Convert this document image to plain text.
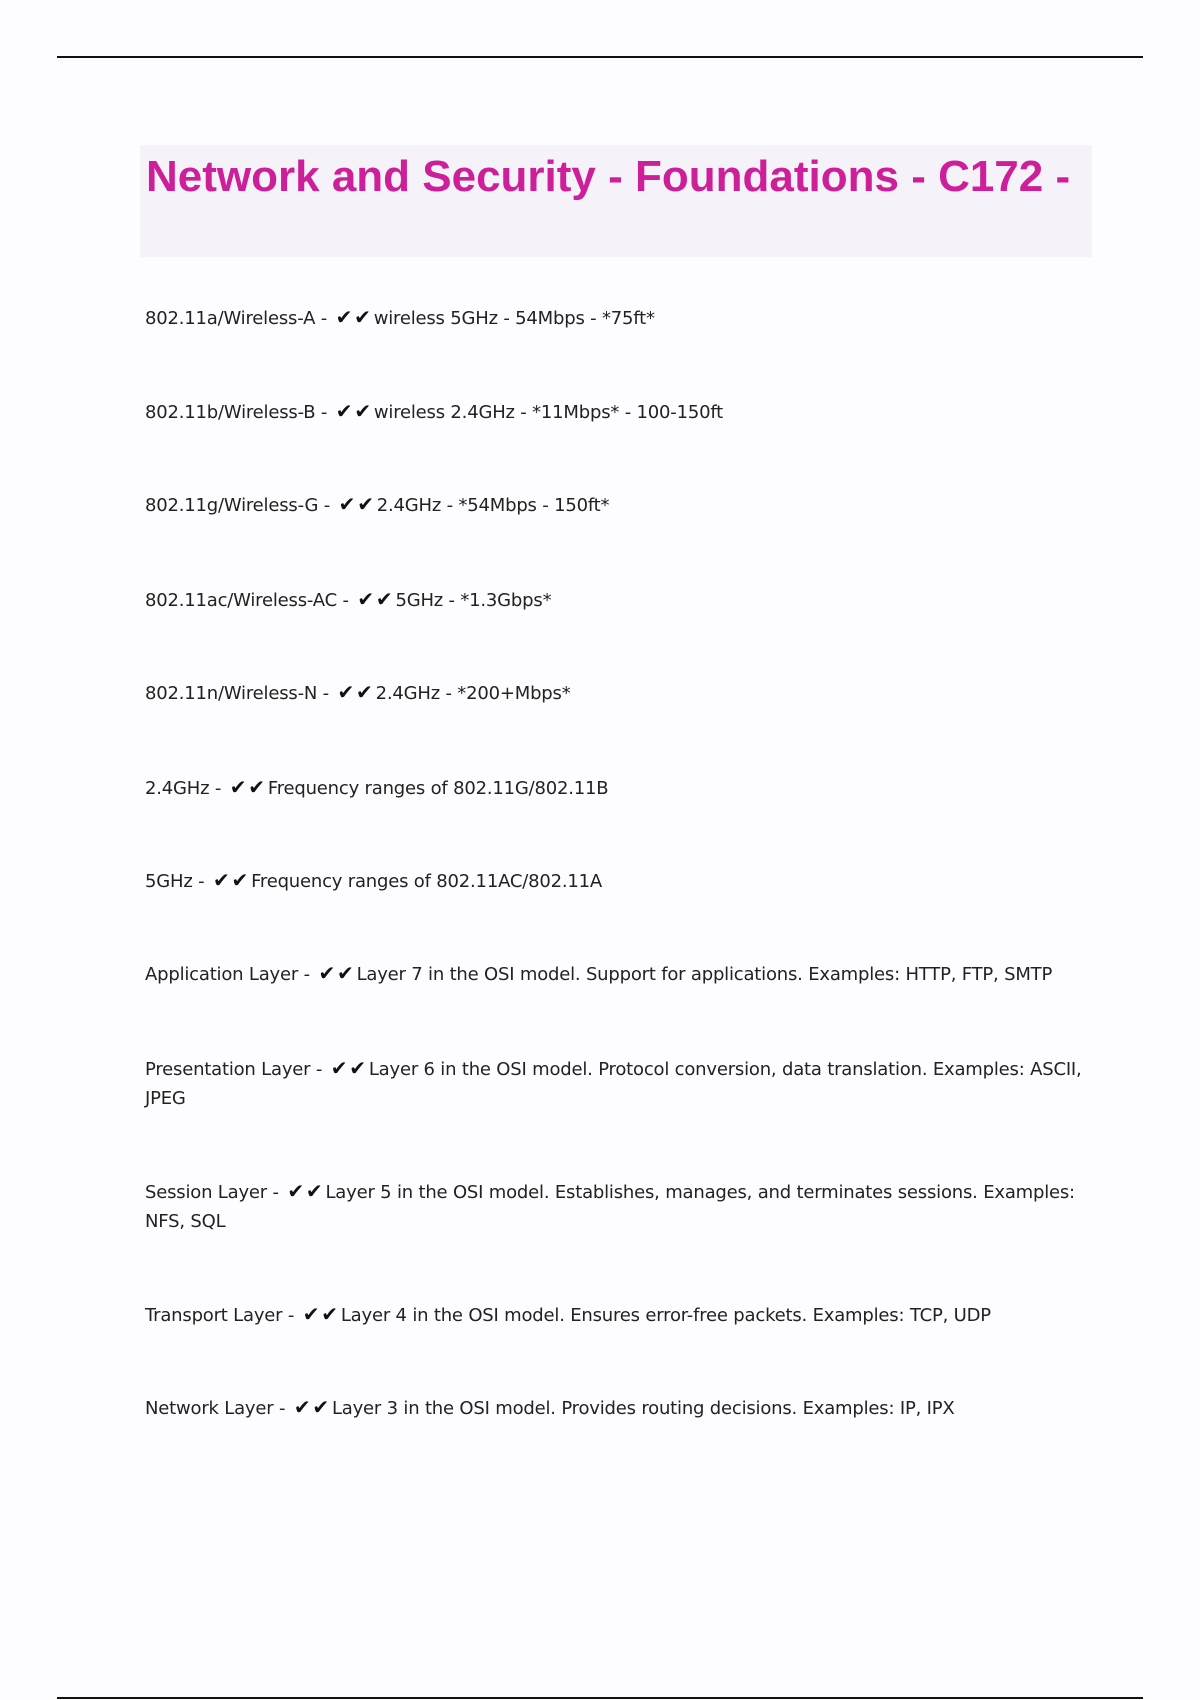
Network and Security - Foundations - C172 -
802.11a/Wireless-A - ✔ ✔ wireless 5GHz - 54Mbps - *75ft*
802.11b/Wireless-B - ✔ ✔ wireless 2.4GHz - *11Mbps* - 100-150ft
802.11g/Wireless-G - ✔ ✔ 2.4GHz - *54Mbps - 150ft*
802.11ac/Wireless-AC - ✔ ✔ 5GHz - *1.3Gbps*
802.11n/Wireless-N - ✔ ✔ 2.4GHz - *200+Mbps*
2.4GHz - ✔ ✔ Frequency ranges of 802.11G/802.11B
5GHz - ✔ ✔ Frequency ranges of 802.11AC/802.11A
Application Layer - ✔ ✔ Layer 7 in the OSI model. Support for applications. Examples: HTTP, FTP, SMTP
Presentation Layer - ✔ ✔ Layer 6 in the OSI model. Protocol conversion, data translation. Examples: ASCII, JPEG
Session Layer - ✔ ✔ Layer 5 in the OSI model. Establishes, manages, and terminates sessions. Examples: NFS, SQL
Transport Layer - ✔ ✔ Layer 4 in the OSI model. Ensures error-free packets. Examples: TCP, UDP
Network Layer - ✔ ✔ Layer 3 in the OSI model. Provides routing decisions. Examples: IP, IPX
